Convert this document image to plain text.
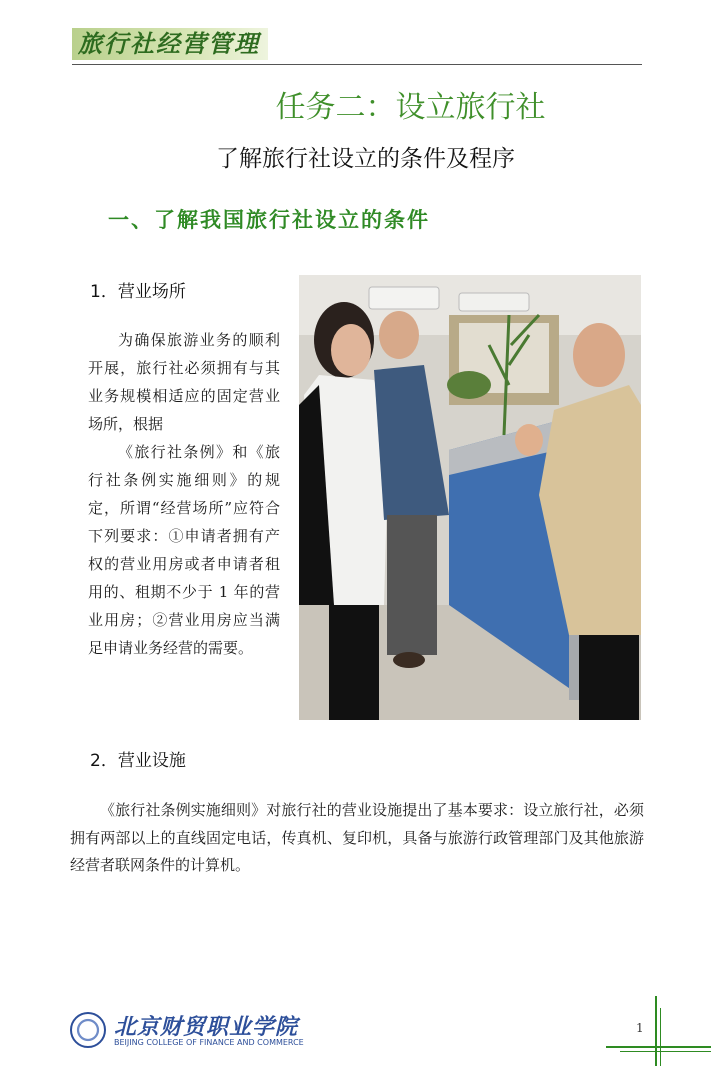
旅行社经营管理
任务二：设立旅行社
了解旅行社设立的条件及程序
一、了解我国旅行社设立的条件
1．营业场所

为确保旅游业务的顺利开展，旅行社必须拥有与其业务规模相适应的固定营业场所，根据

《旅行社条例》和《旅行社条例实施细则》的规定，所谓“经营场所”应符合下列要求：①申请者拥有产权的营业用房或者申请者租用的、租期不少于 1 年的营业用房；②营业用房应当满足申请业务经营的需要。

2．营业设施
《旅行社条例实施细则》对旅行社的营业设施提出了基本要求：设立旅行社，必须拥有两部以上的直线固定电话，传真机、复印机，具备与旅游行政管理部门及其他旅游经营者联网条件的计算机。
北京财贸职业学院
BEIJING COLLEGE OF FINANCE AND COMMERCE
1
